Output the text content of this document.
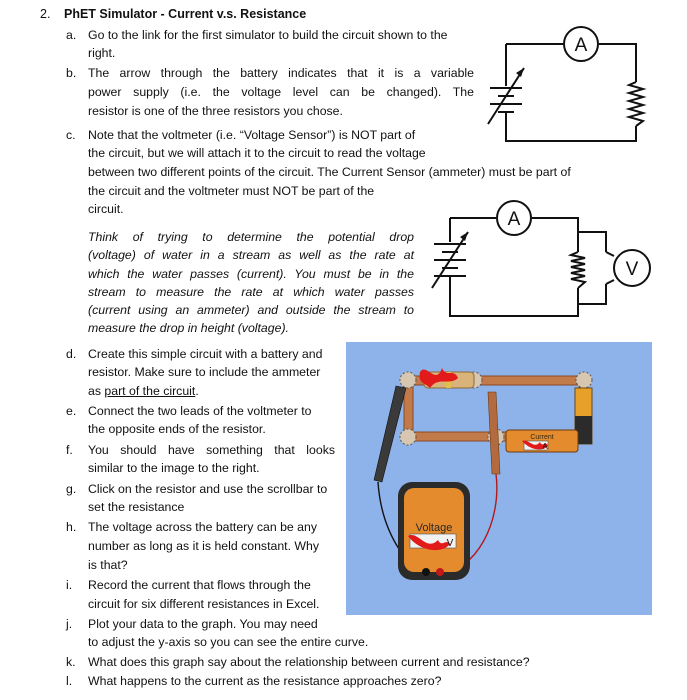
2. PhET Simulator - Current v.s. Resistance
a. Go to the link for the first simulator to build the circuit shown to the
right.
b. The arrow through the battery indicates that it is a variable
power supply (i.e. the voltage level can be changed). The
resistor is one of the three resistors you chose.
c. Note that the voltmeter (i.e. “Voltage Sensor”) is NOT part of
the circuit, but we will attach it to the circuit to read the voltage
between two different points of the circuit. The Current Sensor (ammeter) must be part of
the circuit and the voltmeter must NOT be part of the
circuit.
Think of trying to determine the potential drop
(voltage) of water in a stream as well as the rate at
which the water passes (current). You must be in the
stream to measure the rate at which water passes
(current using an ammeter) and outside the stream to
measure the drop in height (voltage).
d. Create this simple circuit with a battery and
resistor. Make sure to include the ammeter
as part of the circuit.
e. Connect the two leads of the voltmeter to
the opposite ends of the resistor.
f. You should have something that looks
similar to the image to the right.
g. Click on the resistor and use the scrollbar to
set the resistance
h. The voltage across the battery can be any
number as long as it is held constant. Why
is that?
i. Record the current that flows through the
circuit for six different resistances in Excel.
j. Plot your data to the graph. You may need
to adjust the y-axis so you can see the entire curve.
k. What does this graph say about the relationship between current and resistance?
l. What happens to the current as the resistance approaches zero?
A
A
V
Current
A
Voltage
V
